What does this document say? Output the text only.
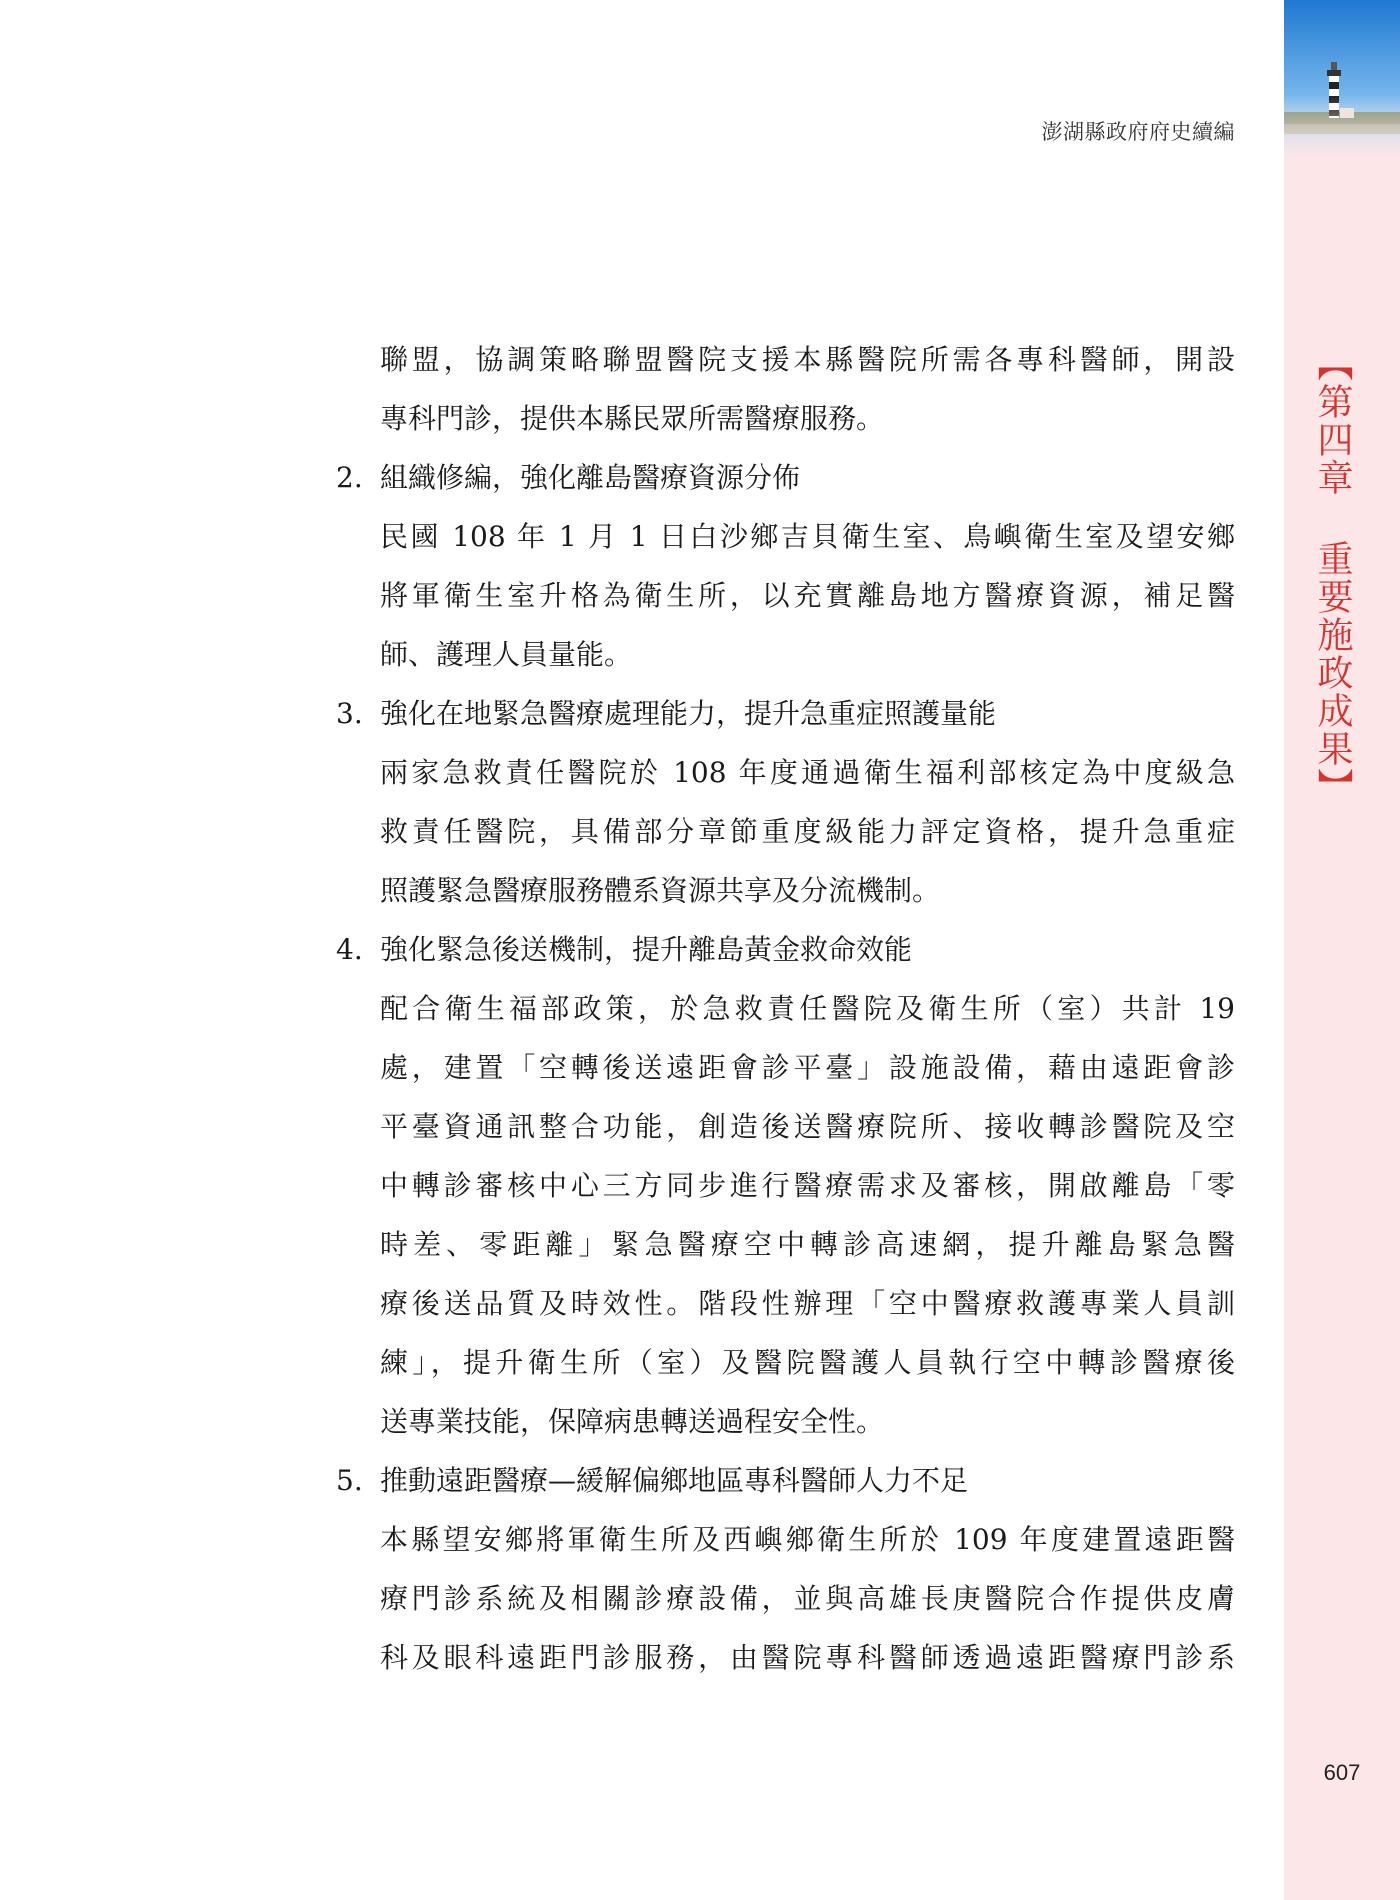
澎湖縣政府府史續編
【第四章 重要施政成果】
607
聯盟，協調策略聯盟醫院支援本縣醫院所需各專科醫師，開設
專科門診，提供本縣民眾所需醫療服務。
2. 組織修編，強化離島醫療資源分佈
民國 108 年 1 月 1 日白沙鄉吉貝衛生室、鳥嶼衛生室及望安鄉
將軍衛生室升格為衛生所，以充實離島地方醫療資源，補足醫
師、護理人員量能。
3. 強化在地緊急醫療處理能力，提升急重症照護量能
兩家急救責任醫院於 108 年度通過衛生福利部核定為中度級急
救責任醫院，具備部分章節重度級能力評定資格，提升急重症
照護緊急醫療服務體系資源共享及分流機制。
4. 強化緊急後送機制，提升離島黃金救命效能
配合衛生福部政策，於急救責任醫院及衛生所（室）共計 19
處，建置「空轉後送遠距會診平臺」設施設備，藉由遠距會診
平臺資通訊整合功能，創造後送醫療院所、接收轉診醫院及空
中轉診審核中心三方同步進行醫療需求及審核，開啟離島「零
時差、零距離」緊急醫療空中轉診高速網，提升離島緊急醫
療後送品質及時效性。階段性辦理「空中醫療救護專業人員訓
練」，提升衛生所（室）及醫院醫護人員執行空中轉診醫療後
送專業技能，保障病患轉送過程安全性。
5. 推動遠距醫療—緩解偏鄉地區專科醫師人力不足
本縣望安鄉將軍衛生所及西嶼鄉衛生所於 109 年度建置遠距醫
療門診系統及相關診療設備，並與高雄長庚醫院合作提供皮膚
科及眼科遠距門診服務，由醫院專科醫師透過遠距醫療門診系
